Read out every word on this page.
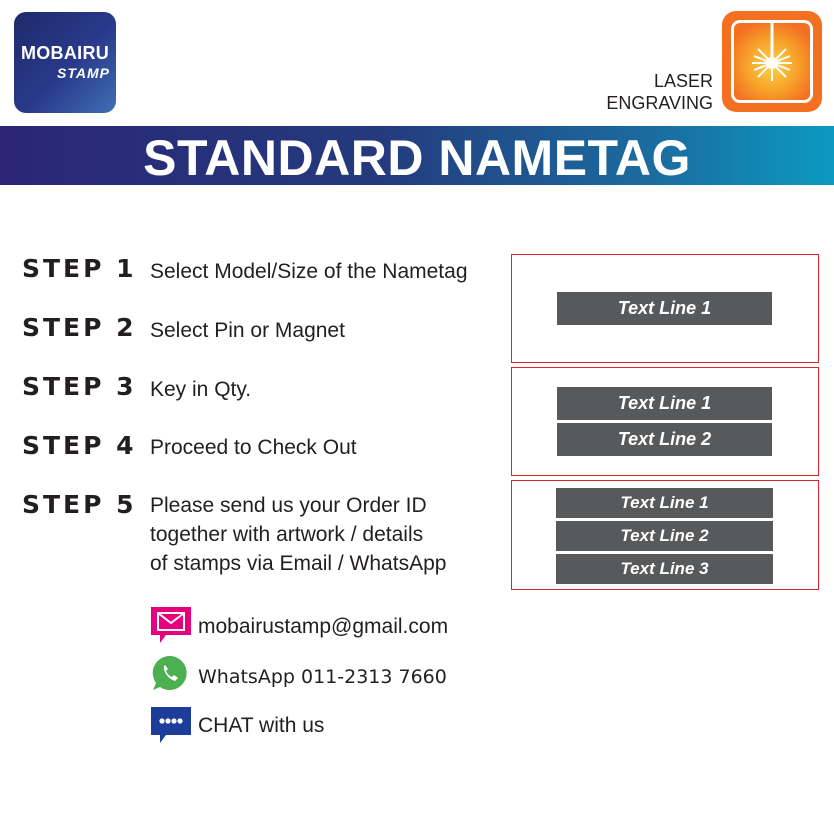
MOBAIRU
STAMP	LASER
ENGRAVING
STANDARD NAMETAG
STEP 1 Select Model/Size of the Nametag
STEP 2 Select Pin or Magnet
STEP 3 Key in Qty.
STEP 4 Proceed to Check Out
STEP 5 Please send us your Order ID
together with artwork / details
of stamps via Email / WhatsApp
Text Line 1
Text Line 1
Text Line 2
Text Line 1
Text Line 2
Text Line 3
mobairustamp@gmail.com
WhatsApp 011-2313 7660
CHAT with us
